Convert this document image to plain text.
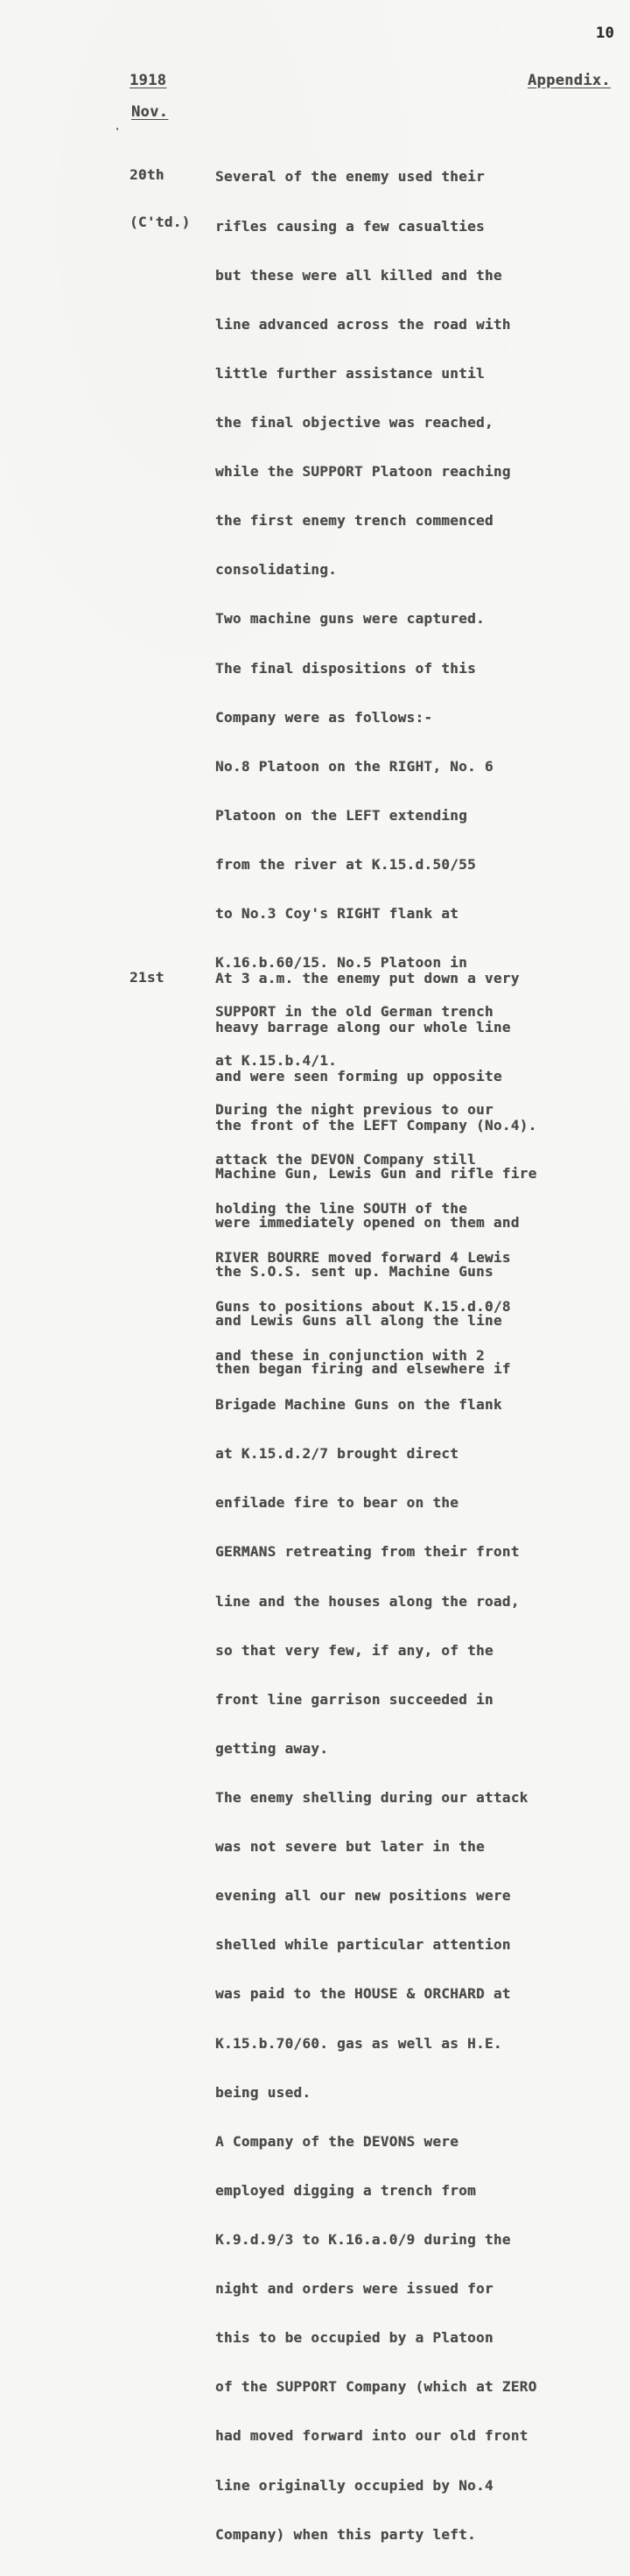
10
1918	Appendix.
Nov.
'

20th

(C'td.)

Several of the enemy used their

rifles causing a few casualties

but these were all killed and the

line advanced across the road with

little further assistance until

the final objective was reached,

while the SUPPORT Platoon reaching

the first enemy trench commenced

consolidating.

Two machine guns were captured.

The final dispositions of this

Company were as follows:-

No.8 Platoon on the RIGHT, No. 6

Platoon on the LEFT extending

from the river at K.15.d.50/55

to No.3 Coy's RIGHT flank at

K.16.b.60/15. No.5 Platoon in

SUPPORT in the old German trench

at K.15.b.4/1.

During the night previous to our

attack the DEVON Company still

holding the line SOUTH of the

RIVER BOURRE moved forward 4 Lewis

Guns to positions about K.15.d.0/8

and these in conjunction with 2

Brigade Machine Guns on the flank

at K.15.d.2/7 brought direct

enfilade fire to bear on the

GERMANS retreating from their front

line and the houses along the road,

so that very few, if any, of the

front line garrison succeeded in

getting away.

The enemy shelling during our attack

was not severe but later in the

evening all our new positions were

shelled while particular attention

was paid to the HOUSE & ORCHARD at

K.15.b.70/60. gas as well as H.E.

being used.

A Company of the DEVONS were

employed digging a trench from

K.9.d.9/3 to K.16.a.0/9 during the

night and orders were issued for

this to be occupied by a Platoon

of the SUPPORT Company (which at ZERO

had moved forward into our old front

line originally occupied by No.4

Company) when this party left.

21st

	At 3 a.m. the enemy put down a very

heavy barrage along our whole line

and were seen forming up opposite

the front of the LEFT Company (No.4).

Machine Gun, Lewis Gun and rifle fire

were immediately opened on them and

the S.O.S. sent up. Machine Guns

and Lewis Guns all along the line

then began firing and elsewhere if
